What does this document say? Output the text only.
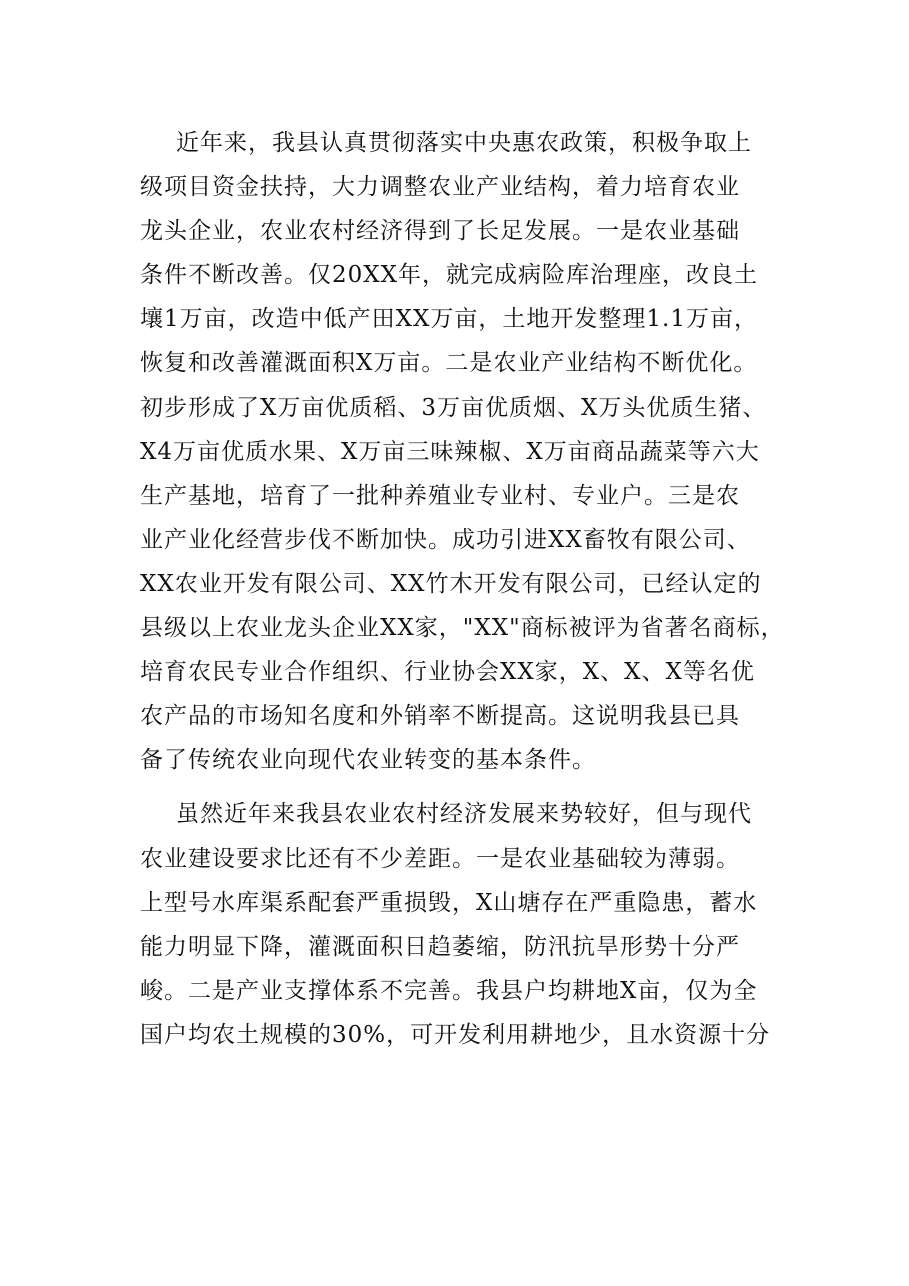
近年来，我县认真贯彻落实中央惠农政策，积极争取上
级项目资金扶持，大力调整农业产业结构，着力培育农业
龙头企业，农业农村经济得到了长足发展。一是农业基础
条件不断改善。仅20XX年，就完成病险库治理座，改良土
壤1万亩，改造中低产田XX万亩，土地开发整理1.1万亩，
恢复和改善灌溉面积X万亩。二是农业产业结构不断优化。
初步形成了X万亩优质稻、3万亩优质烟、X万头优质生猪、
X4万亩优质水果、X万亩三味辣椒、X万亩商品蔬菜等六大
生产基地，培育了一批种养殖业专业村、专业户。三是农
业产业化经营步伐不断加快。成功引进XX畜牧有限公司、
XX农业开发有限公司、XX竹木开发有限公司，已经认定的
县级以上农业龙头企业XX家，"XX"商标被评为省著名商标，
培育农民专业合作组织、行业协会XX家，X、X、X等名优
农产品的市场知名度和外销率不断提高。这说明我县已具
备了传统农业向现代农业转变的基本条件。
虽然近年来我县农业农村经济发展来势较好，但与现代
农业建设要求比还有不少差距。一是农业基础较为薄弱。
上型号水库渠系配套严重损毁，X山塘存在严重隐患，蓄水
能力明显下降，灌溉面积日趋萎缩，防汛抗旱形势十分严
峻。二是产业支撑体系不完善。我县户均耕地X亩，仅为全
国户均农土规模的30%，可开发利用耕地少，且水资源十分
